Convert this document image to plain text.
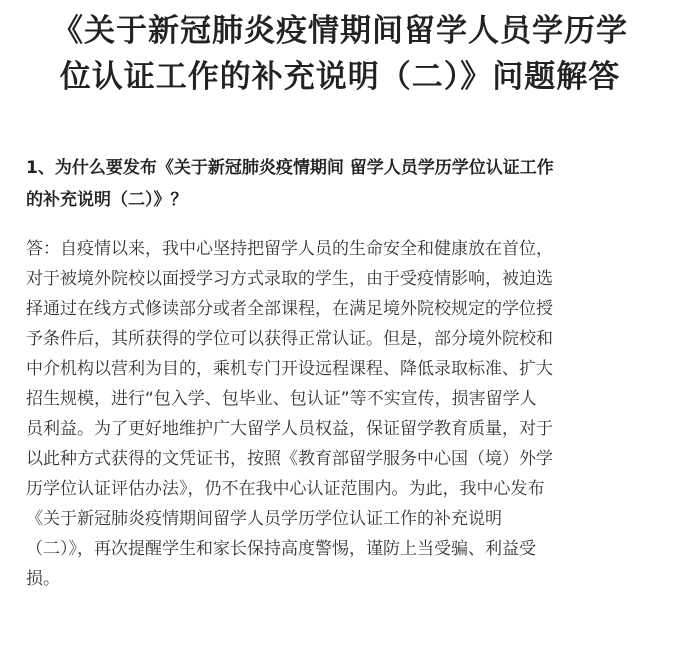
《关于新冠肺炎疫情期间留学人员学历学
位认证工作的补充说明（二）》问题解答
1、为什么要发布《关于新冠肺炎疫情期间 留学人员学历学位认证工作
的补充说明（二）》？
答：自疫情以来，我中心坚持把留学人员的生命安全和健康放在首位，
对于被境外院校以面授学习方式录取的学生，由于受疫情影响，被迫选
择通过在线方式修读部分或者全部课程，在满足境外院校规定的学位授
予条件后，其所获得的学位可以获得正常认证。但是，部分境外院校和
中介机构以营利为目的，乘机专门开设远程课程、降低录取标准、扩大
招生规模，进行“包入学、包毕业、包认证”等不实宣传，损害留学人
员利益。为了更好地维护广大留学人员权益，保证留学教育质量，对于
以此种方式获得的文凭证书，按照《教育部留学服务中心国（境）外学
历学位认证评估办法》，仍不在我中心认证范围内。为此，我中心发布
《关于新冠肺炎疫情期间留学人员学历学位认证工作的补充说明
（二）》，再次提醒学生和家长保持高度警惕，谨防上当受骗、利益受
损。
